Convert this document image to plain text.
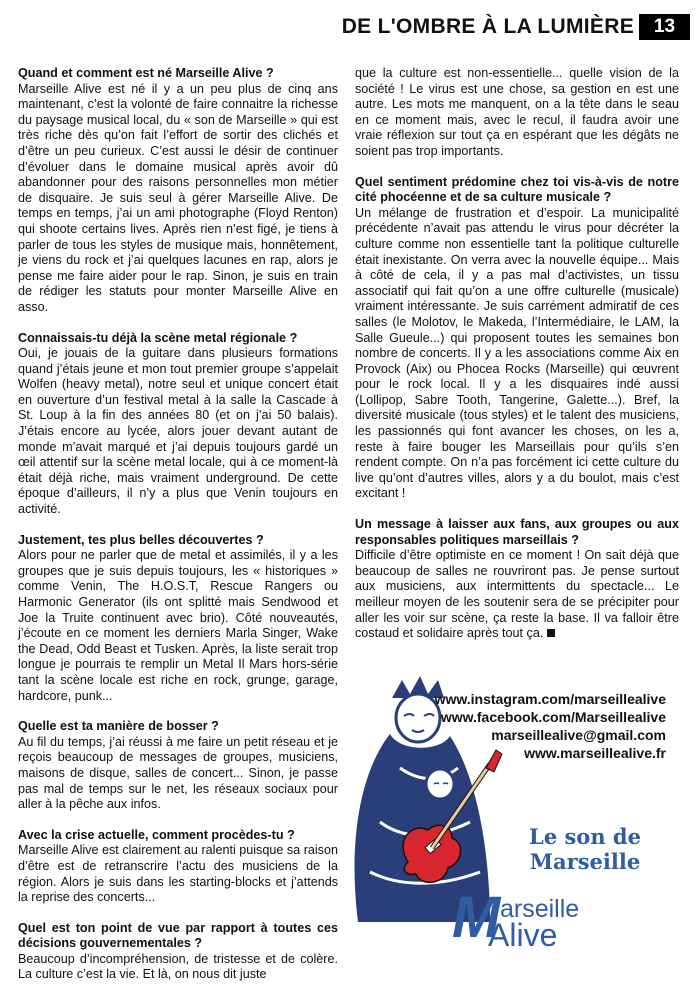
DE L'OMBRE À LA LUMIÈRE	13

Quand et comment est né Marseille Alive ?

Marseille Alive est né il y a un peu plus de cinq ans maintenant, c’est la volonté de faire connaitre la richesse du paysage musical local, du « son de Marseille » qui est très riche dès qu’on fait l’effort de sortir des clichés et d’être un peu curieux. C’est aussi le désir de continuer d’évoluer dans le domaine musical après avoir dû abandonner pour des raisons personnelles mon métier de disquaire. Je suis seul à gérer Marseille Alive. De temps en temps, j’ai un ami photographe (Floyd Renton) qui shoote certains lives. Après rien n’est figé, je tiens à parler de tous les styles de musique mais, honnêtement, je viens du rock et j’ai quelques lacunes en rap, alors je pense me faire aider pour le rap. Sinon, je suis en train de rédiger les statuts pour monter Marseille Alive en asso.

Connaissais-tu déjà la scène metal régionale ?

Oui, je jouais de la guitare dans plusieurs formations quand j’étais jeune et mon tout premier groupe s’appelait Wolfen (heavy metal), notre seul et unique concert était en ouverture d’un festival metal à la salle la Cascade à St. Loup à la fin des années 80 (et on j’ai 50 balais). J’étais encore au lycée, alors jouer devant autant de monde m’avait marqué et j’ai depuis toujours gardé un œil attentif sur la scène metal locale, qui à ce moment-là était déjà riche, mais vraiment underground. De cette époque d’ailleurs, il n’y a plus que Venin toujours en activité.

Justement, tes plus belles découvertes ?

Alors pour ne parler que de metal et assimilés, il y a les groupes que je suis depuis toujours, les « historiques » comme Venin, The H.O.S.T, Rescue Rangers ou Harmonic Generator (ils ont splitté mais Sendwood et Joe la Truite continuent avec brio). Côté nouveautés, j’écoute en ce moment les derniers Marla Singer, Wake the Dead, Odd Beast et Tusken. Après, la liste serait trop longue je pourrais te remplir un Metal Il Mars hors-série tant la scène locale est riche en rock, grunge, garage, hardcore, punk...

Quelle est ta manière de bosser ?

Au fil du temps, j’ai réussi à me faire un petit réseau et je reçois beaucoup de messages de groupes, musiciens, maisons de disque, salles de concert... Sinon, je passe pas mal de temps sur le net, les réseaux sociaux pour aller à la pêche aux infos.

Avec la crise actuelle, comment procèdes-tu ?

Marseille Alive est clairement au ralenti puisque sa raison d’être est de retranscrire l’actu des musiciens de la région. Alors je suis dans les starting-blocks et j’attends la reprise des concerts...

Quel est ton point de vue par rapport à toutes ces décisions gouvernementales ?

Beaucoup d’incompréhension, de tristesse et de colère. La culture c’est la vie. Et là, on nous dit juste

que la culture est non-essentielle... quelle vision de la société ! Le virus est une chose, sa gestion en est une autre. Les mots me manquent, on a la tête dans le seau en ce moment mais, avec le recul, il faudra avoir une vraie réflexion sur tout ça en espérant que les dégâts ne soient pas trop importants.

Quel sentiment prédomine chez toi vis-à-vis de notre cité phocéenne et de sa culture musicale ?

Un mélange de frustration et d’espoir. La municipalité précédente n’avait pas attendu le virus pour décréter la culture comme non essentielle tant la politique culturelle était inexistante. On verra avec la nouvelle équipe... Mais à côté de cela, il y a pas mal d’activistes, un tissu associatif qui fait qu’on a une offre culturelle (musicale) vraiment intéressante. Je suis carrément admiratif de ces salles (le Molotov, le Makeda, l’Intermédiaire, le LAM, la Salle Gueule...) qui proposent toutes les semaines bon nombre de concerts. Il y a les associations comme Aix en Provock (Aix) ou Phocea Rocks (Marseille) qui œuvrent pour le rock local. Il y a les disquaires indé aussi (Lollipop, Sabre Tooth, Tangerine, Galette...). Bref, la diversité musicale (tous styles) et le talent des musiciens, les passionnés qui font avancer les choses, on les a, reste à faire bouger les Marseillais pour qu’ils s’en rendent compte. On n’a pas forcément ici cette culture du live qu’ont d’autres villes, alors y a du boulot, mais c’est excitant !

Un message à laisser aux fans, aux groupes ou aux responsables politiques marseillais ?

Difficile d’être optimiste en ce moment ! On sait déjà que beaucoup de salles ne rouvriront pas. Je pense surtout aux musiciens, aux intermittents du spectacle... Le meilleur moyen de les soutenir sera de se précipiter pour aller les voir sur scène, ça reste la base. Il va falloir être costaud et solidaire après tout ça.

www.instagram.com/marseillealive
www.facebook.com/Marseillealive
marseillealive@gmail.com
www.marseillealive.fr
Le son de Marseille
M arseille
Alive
